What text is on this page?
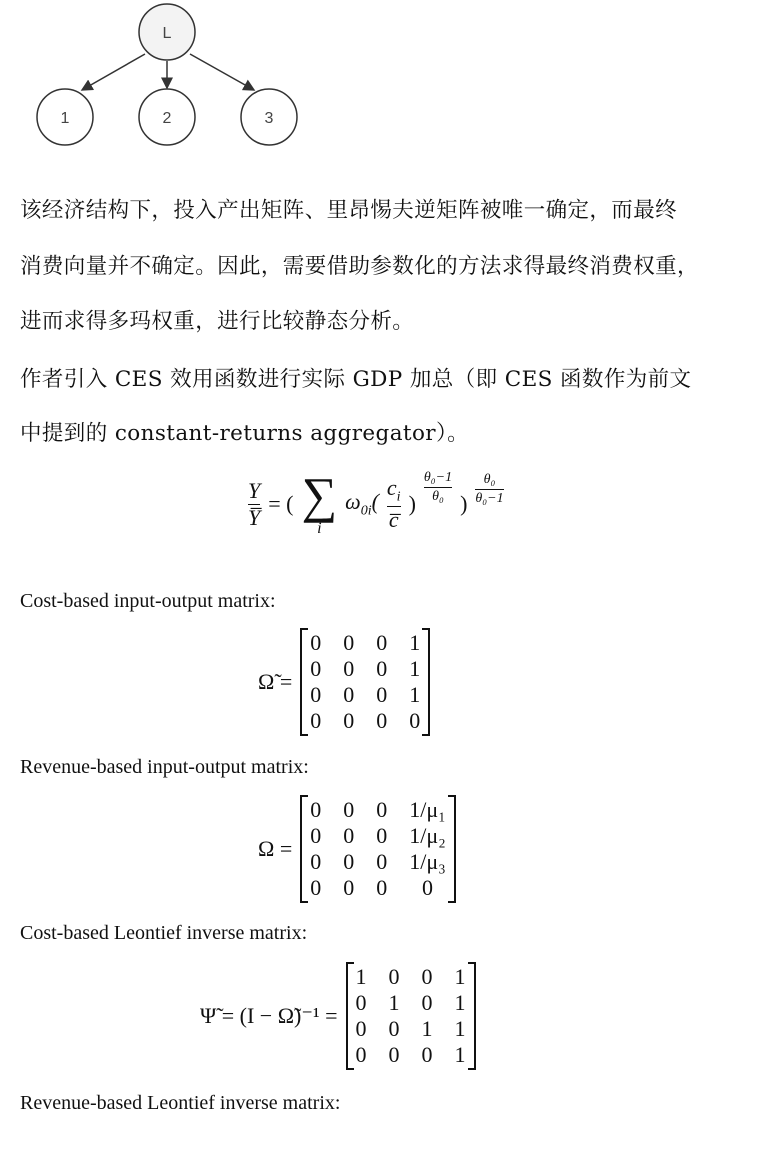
L
1	2	3
该经济结构下，投入产出矩阵、里昂惕夫逆矩阵被唯一确定，而最终
消费向量并不确定。因此，需要借助参数化的方法求得最终消费权重，
进而求得多玛权重，进行比较静态分析。
作者引入 CES 效用函数进行实际 GDP 加总（即 CES 函数作为前文
中提到的 constant-returns aggregator）。
$\frac{Y}{Y̅}$ = ( ∑
i
$\omega_{0i}( \frac{c_i}{c̅}$ ) $\frac{\text{θ₀−1}}{\text{θ₀}}$ ) $\frac{\text{θ₀}}{\text{θ₀−1}}$
Cost-based input-output matrix:
Ω̃ =
0 0 0 1
0 0 0 1
0 0 0 1
0 0 0 0
Revenue-based input-output matrix:
Ω =
0 0 0 1/μ₁
0 0 0 1/μ₂
0 0 0 1/μ₃
0 0 0	0
Cost-based Leontief inverse matrix:
Ψ̃ = (I − Ω̃)⁻¹ =
1 0 0 1
0 1 0 1
0 0 1 1
0 0 0 1
Revenue-based Leontief inverse matrix:
